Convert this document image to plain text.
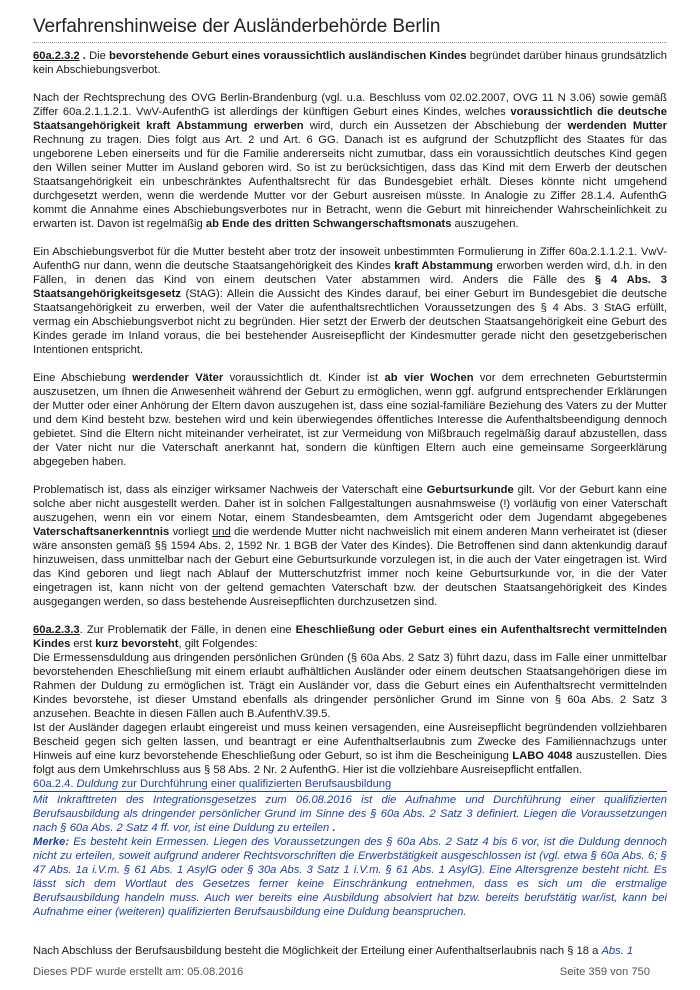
Verfahrenshinweise der Ausländerbehörde Berlin

60a.2.3.2 . Die bevorstehende Geburt eines voraussichtlich ausländischen Kindes begründet darüber hinaus grundsätzlich kein Abschiebungsverbot.

Nach der Rechtsprechung des OVG Berlin-Brandenburg (vgl. u.a. Beschluss vom 02.02.2007, OVG 11 N 3.06) sowie gemäß Ziffer 60a.2.1.1.2.1. VwV-AufenthG ist allerdings der künftigen Geburt eines Kindes, welches voraussichtlich die deutsche Staatsangehörigkeit kraft Abstammung erwerben wird, durch ein Aussetzen der Abschiebung der werdenden Mutter Rechnung zu tragen. Dies folgt aus Art. 2 und Art. 6 GG. Danach ist es aufgrund der Schutzpflicht des Staates für das ungeborene Leben einerseits und für die Familie andererseits nicht zumutbar, dass ein voraussichtlich deutsches Kind gegen den Willen seiner Mutter im Ausland geboren wird. So ist zu berücksichtigen, dass das Kind mit dem Erwerb der deutschen Staatsangehörigkeit ein unbeschränktes Aufenthaltsrecht für das Bundesgebiet erhält. Dieses könnte nicht umgehend durchgesetzt werden, wenn die werdende Mutter vor der Geburt ausreisen müsste. In Analogie zu Ziffer 28.1.4. AufenthG kommt die Annahme eines Abschiebungsverbotes nur in Betracht, wenn die Geburt mit hinreichender Wahrscheinlichkeit zu erwarten ist. Davon ist regelmäßig ab Ende des dritten Schwangerschaftsmonats auszugehen.

Ein Abschiebungsverbot für die Mutter besteht aber trotz der insoweit unbestimmten Formulierung in Ziffer 60a.2.1.1.2.1. VwV-AufenthG nur dann, wenn die deutsche Staatsangehörigkeit des Kindes kraft Abstammung erworben werden wird, d.h. in den Fällen, in denen das Kind von einem deutschen Vater abstammen wird. Anders die Fälle des § 4 Abs. 3 Staatsangehörigkeitsgesetz (StAG): Allein die Aussicht des Kindes darauf, bei einer Geburt im Bundesgebiet die deutsche Staatsangehörigkeit zu erwerben, weil der Vater die aufenthaltsrechtlichen Voraussetzungen des § 4 Abs. 3 StAG erfüllt, vermag ein Abschiebungsverbot nicht zu begründen. Hier setzt der Erwerb der deutschen Staatsangehörigkeit eine Geburt des Kindes gerade im Inland voraus, die bei bestehender Ausreisepflicht der Kindesmutter gerade nicht den gesetzgeberischen Intentionen entspricht.

Eine Abschiebung werdender Väter voraussichtlich dt. Kinder ist ab vier Wochen vor dem errechneten Geburtstermin auszusetzen, um Ihnen die Anwesenheit während der Geburt zu ermöglichen, wenn ggf. aufgrund entsprechender Erklärungen der Mutter oder einer Anhörung der Eltern davon auszugehen ist, dass eine sozial-familiäre Beziehung des Vaters zu der Mutter und dem Kind besteht bzw. bestehen wird und kein überwiegendes öffentliches Interesse die Aufenthaltsbeendigung dennoch gebietet. Sind die Eltern nicht miteinander verheiratet, ist zur Vermeidung von Mißbrauch regelmäßig darauf abzustellen, dass der Vater nicht nur die Vaterschaft anerkannt hat, sondern die künftigen Eltern auch eine gemeinsame Sorgeerklärung abgegeben haben.

Problematisch ist, dass als einziger wirksamer Nachweis der Vaterschaft eine Geburtsurkunde gilt. Vor der Geburt kann eine solche aber nicht ausgestellt werden. Daher ist in solchen Fallgestaltungen ausnahmsweise (!) vorläufig von einer Vaterschaft auszugehen, wenn ein vor einem Notar, einem Standesbeamten, dem Amtsgericht oder dem Jugendamt abgegebenes Vaterschaftsanerkenntnis vorliegt und die werdende Mutter nicht nachweislich mit einem anderen Mann verheiratet ist (dieser wäre ansonsten gemäß §§ 1594 Abs. 2, 1592 Nr. 1 BGB der Vater des Kindes). Die Betroffenen sind dann aktenkundig darauf hinzuweisen, dass unmittelbar nach der Geburt eine Geburtsurkunde vorzulegen ist, in die auch der Vater eingetragen ist. Wird das Kind geboren und liegt nach Ablauf der Mutterschutzfrist immer noch keine Geburtsurkunde vor, in die der Vater eingetragen ist, kann nicht von der geltend gemachten Vaterschaft bzw. der deutschen Staatsangehörigkeit des Kindes ausgegangen werden, so dass bestehende Ausreisepflichten durchzusetzen sind.

60a.2.3.3. Zur Problematik der Fälle, in denen eine Eheschließung oder Geburt eines ein Aufenthaltsrecht vermittelnden Kindes erst kurz bevorsteht, gilt Folgendes:

Die Ermessensduldung aus dringenden persönlichen Gründen (§ 60a Abs. 2 Satz 3) führt dazu, dass im Falle einer unmittelbar bevorstehenden Eheschließung mit einem erlaubt aufhältlichen Ausländer oder einem deutschen Staatsangehörigen diese im Rahmen der Duldung zu ermöglichen ist. Trägt ein Ausländer vor, dass die Geburt eines ein Aufenthaltsrecht vermittelnden Kindes bevorstehe, ist dieser Umstand ebenfalls als dringender persönlicher Grund im Sinne von § 60a Abs. 2 Satz 3 anzusehen. Beachte in diesen Fällen auch B.AufenthV.39.5.

Ist der Ausländer dagegen erlaubt eingereist und muss keinen versagenden, eine Ausreisepflicht begründenden vollziehbaren Bescheid gegen sich gelten lassen, und beantragt er eine Aufenthaltserlaubnis zum Zwecke des Familiennachzugs unter Hinweis auf eine kurz bevorstehende Eheschließung oder Geburt, so ist ihm die Bescheinigung LABO 4048 auszustellen. Dies folgt aus dem Umkehrschluss aus § 58 Abs. 2 Nr. 2 AufenthG. Hier ist die vollziehbare Ausreisepflicht entfallen.

60a.2.4. Duldung zur Durchführung einer qualifizierten Berufsausbildung

Mit Inkrafttreten des Integrationsgesetzes zum 06.08.2016 ist die Aufnahme und Durchführung einer qualifizierten Berufsausbildung als dringender persönlicher Grund im Sinne des § 60a Abs. 2 Satz 3 definiert. Liegen die Voraussetzungen nach § 60a Abs. 2 Satz 4 ff. vor, ist eine Duldung zu erteilen .

Merke: Es besteht kein Ermessen. Liegen des Voraussetzungen des § 60a Abs. 2 Satz 4 bis 6 vor, ist die Duldung dennoch nicht zu erteilen, soweit aufgrund anderer Rechtsvorschriften die Erwerbstätigkeit ausgeschlossen ist (vgl. etwa § 60a Abs. 6; § 47 Abs. 1a i.V.m. § 61 Abs. 1 AsylG oder § 30a Abs. 3 Satz 1 i.V.m. § 61 Abs. 1 AsylG). Eine Altersgrenze besteht nicht. Es lässt sich dem Wortlaut des Gesetzes ferner keine Einschränkung entnehmen, dass es sich um die erstmalige Berufsausbildung handeln muss. Auch wer bereits eine Ausbildung absolviert hat bzw. bereits berufstätig war/ist, kann bei Aufnahme einer (weiteren) qualifizierten Berufsausbildung eine Duldung beanspruchen.

Nach Abschluss der Berufsausbildung besteht die Möglichkeit der Erteilung einer Aufenthaltserlaubnis nach § 18 a Abs. 1
Dieses PDF wurde erstellt am: 05.08.2016	Seite 359 von 750
